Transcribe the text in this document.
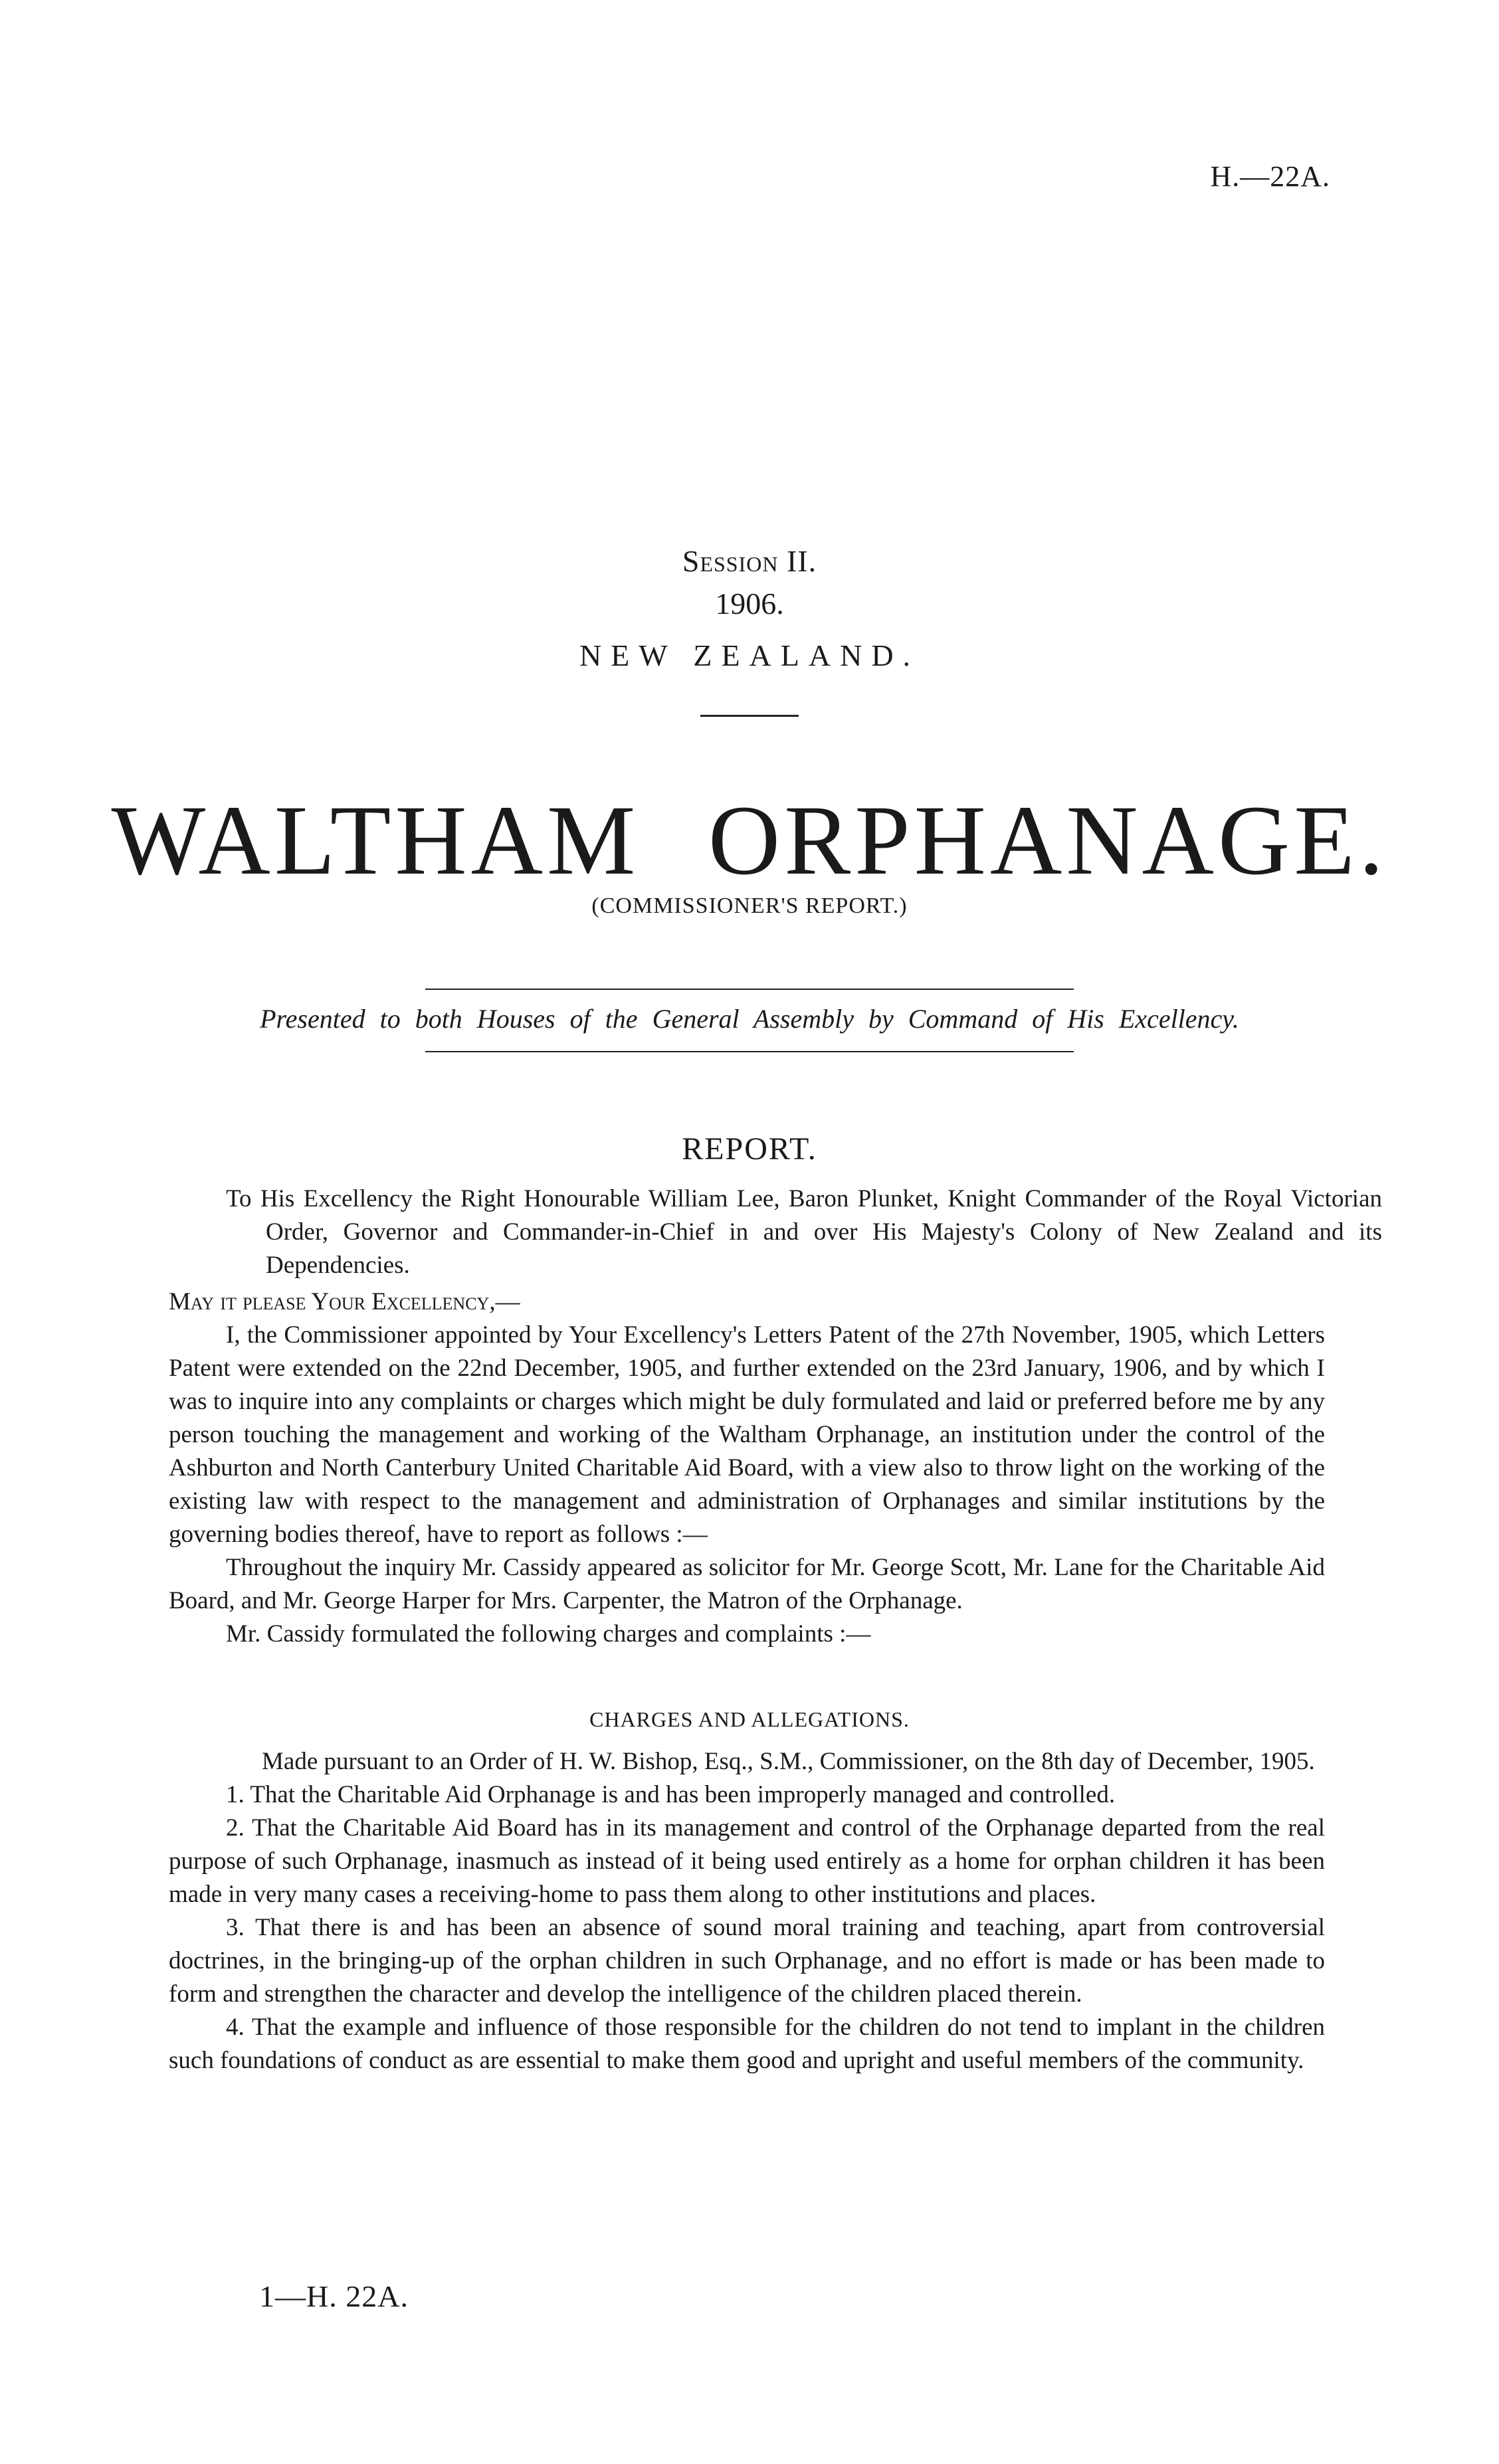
H.—22A.
Session II.
1906.
NEW ZEALAND.
WALTHAM ORPHANAGE.
(COMMISSIONER'S REPORT.)
Presented to both Houses of the General Assembly by Command of His Excellency.
REPORT.

To His Excellency the Right Honourable William Lee, Baron Plunket, Knight Commander of the Royal Victorian Order, Governor and Commander-in-Chief in and over His Majesty's Colony of New Zealand and its Dependencies.

May it please Your Excellency,—

I, the Commissioner appointed by Your Excellency's Letters Patent of the 27th November, 1905, which Letters Patent were extended on the 22nd December, 1905, and further extended on the 23rd January, 1906, and by which I was to inquire into any complaints or charges which might be duly formulated and laid or preferred before me by any person touching the management and working of the Waltham Orphanage, an institution under the control of the Ashburton and North Canterbury United Charitable Aid Board, with a view also to throw light on the working of the existing law with respect to the management and administration of Orphanages and similar institutions by the governing bodies thereof, have to report as follows :—

Throughout the inquiry Mr. Cassidy appeared as solicitor for Mr. George Scott, Mr. Lane for the Charitable Aid Board, and Mr. George Harper for Mrs. Carpenter, the Matron of the Orphanage.

Mr. Cassidy formulated the following charges and complaints :—

CHARGES AND ALLEGATIONS.

Made pursuant to an Order of H. W. Bishop, Esq., S.M., Commissioner, on the 8th day of December, 1905.

1. That the Charitable Aid Orphanage is and has been improperly managed and controlled.

2. That the Charitable Aid Board has in its management and control of the Orphanage departed from the real purpose of such Orphanage, inasmuch as instead of it being used entirely as a home for orphan children it has been made in very many cases a receiving-home to pass them along to other institutions and places.

3. That there is and has been an absence of sound moral training and teaching, apart from controversial doctrines, in the bringing-up of the orphan children in such Orphanage, and no effort is made or has been made to form and strengthen the character and develop the intelligence of the children placed therein.

4. That the example and influence of those responsible for the children do not tend to implant in the children such foundations of conduct as are essential to make them good and upright and useful members of the community.

1—H. 22A.
